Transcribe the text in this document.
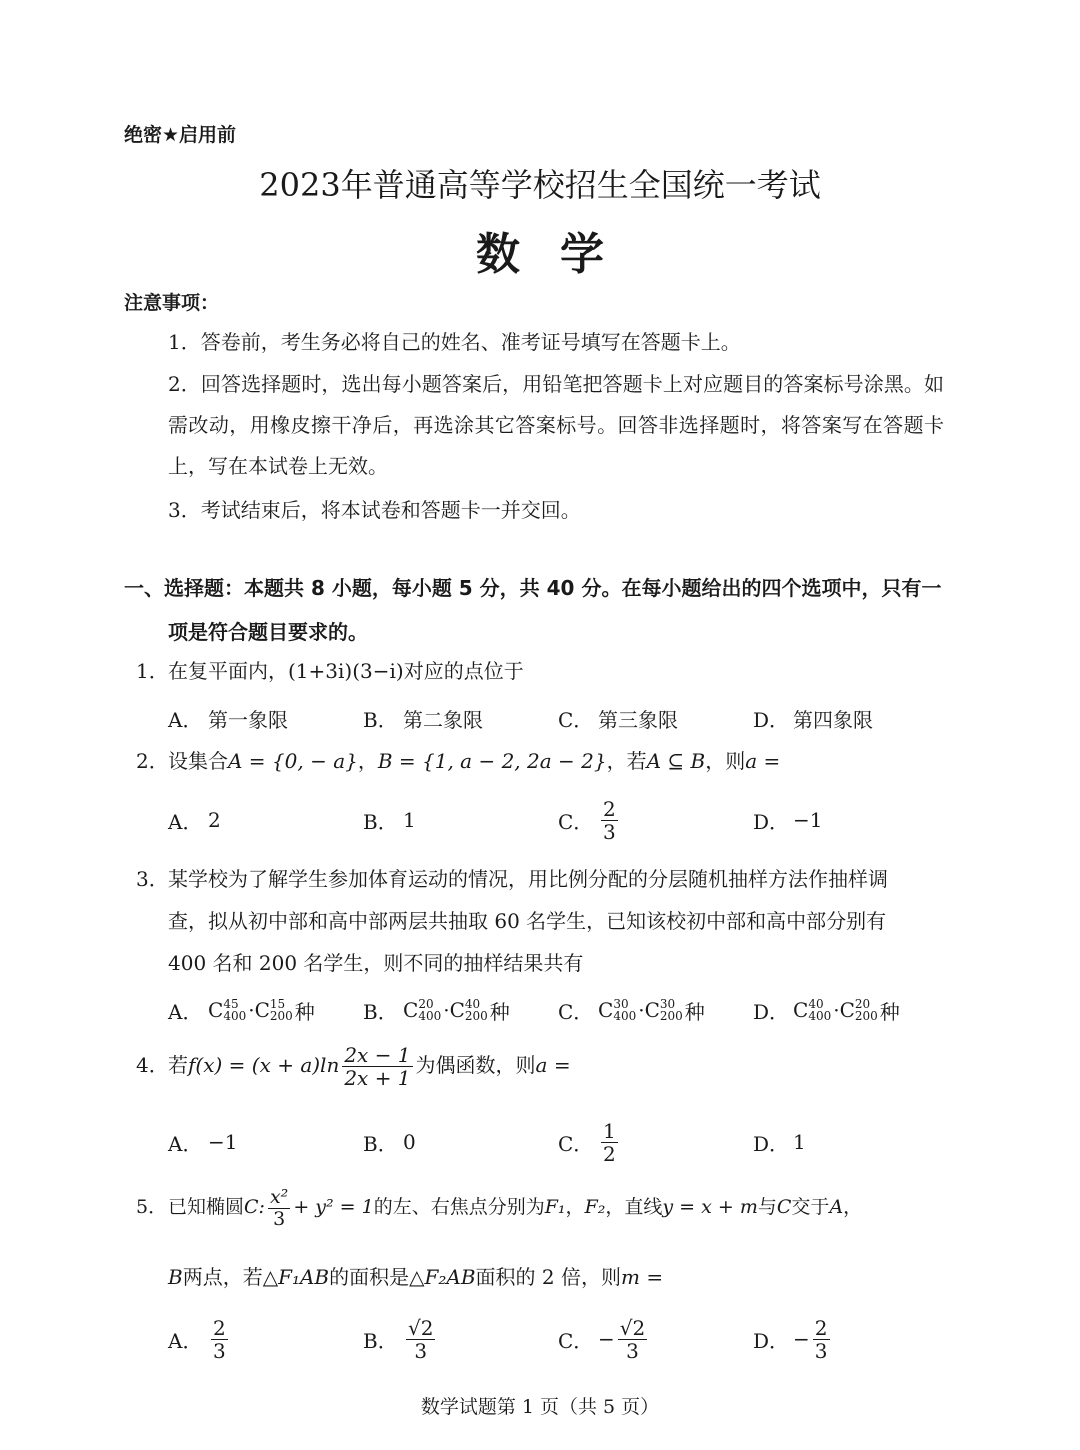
绝密★启用前
2023年普通高等学校招生全国统一考试
数学
注意事项：
1．答卷前，考生务必将自己的姓名、准考证号填写在答题卡上。
2．回答选择题时，选出每小题答案后，用铅笔把答题卡上对应题目的答案标号涂黑。如需改动，用橡皮擦干净后，再选涂其它答案标号。回答非选择题时，将答案写在答题卡上，写在本试卷上无效。
3．考试结束后，将本试卷和答题卡一并交回。
一、选择题：本题共 8 小题，每小题 5 分，共 40 分。在每小题给出的四个选项中，只有一项是符合题目要求的。
1．在复平面内，(1+3i)(3−i)对应的点位于
A． 第一象限	B． 第二象限	C． 第三象限	D． 第四象限
2．设集合A = {0, − a}，B = {1, a − 2, 2a − 2}，若A ⊆ B，则a =
A． 2	B． 1	C． $\frac{2}{3}$	D． −1
3．某学校为了解学生参加体育运动的情况，用比例分配的分层随机抽样方法作抽样调
查，拟从初中部和高中部两层共抽取 60 名学生，已知该校初中部和高中部分别有
400 名和 200 名学生，则不同的抽样结果共有
A． C 45
400 · C 15
200 种 B． C 20
400 · C 40
200 种 C． C 30
400 · C 30
200 种 D． C 40
400 · C 20
200 种
4．若$f(x) = (x + a)\ln \frac{2x - 1}{2x + 1}$ 为偶函数，则a =
A． −1	B． 0	C． $\frac{1}{2}$	D． 1
5．已知椭圆C: $\frac{\text{x²}}{3} + y^2 = 1$的左、右焦点分别为F₁，F₂，直线y = x + m与C交于A，
B两点，若△F₁AB的面积是△F₂AB面积的 2 倍，则m =
A． $\frac{2}{3}$	B． $\frac{√2}{3}$	C． − $\frac{√2}{3}$	D． − $\frac{2}{3}$
数学试题第 1 页（共 5 页）
